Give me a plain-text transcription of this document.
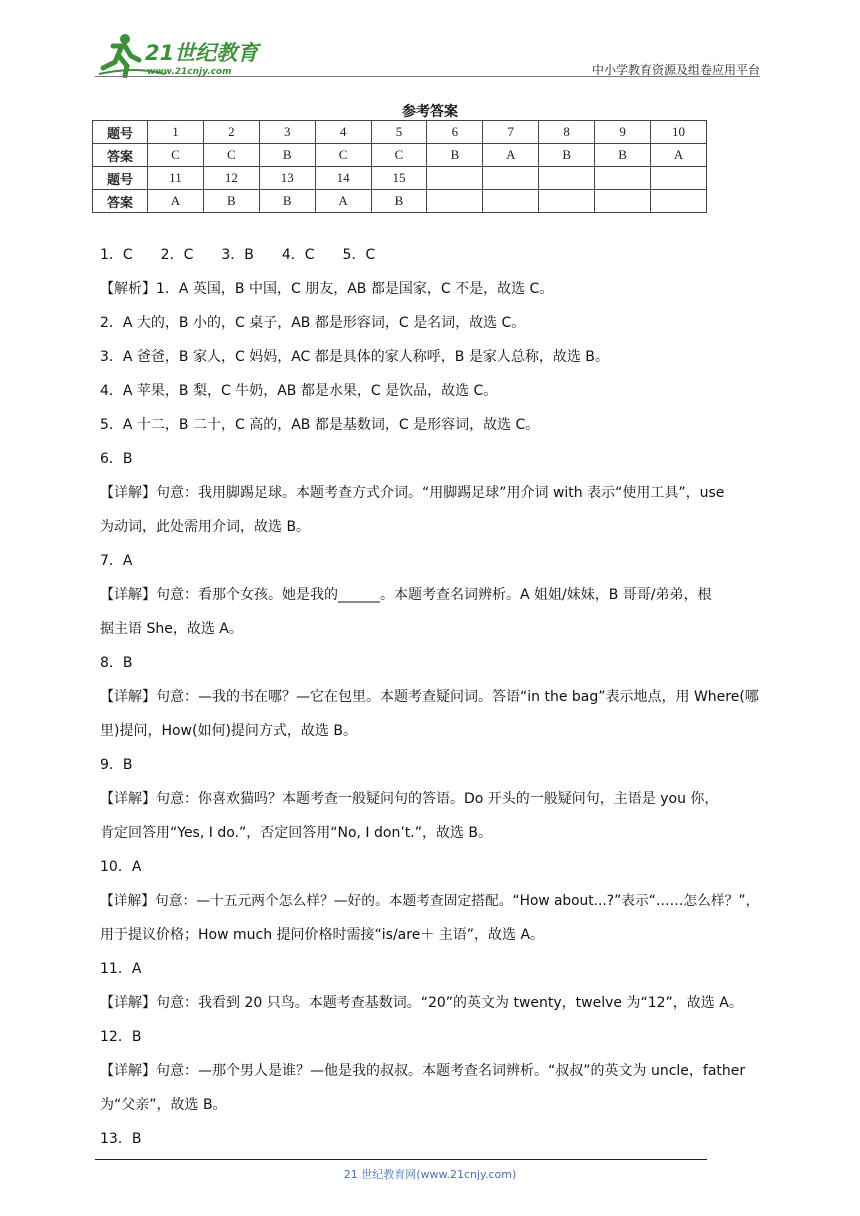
21世纪教育
www.21cnjy.com	中小学教育资源及组卷应用平台
参考答案
题号	1	2	3	4	5	6	7	8	9	10
答案	C	C	B	C	C	B	A	B	B	A
题号	11	12	13	14	15					
答案	A	B	B	A	B					

1．C　　2．C　　3．B　　4．C　　5．C

【解析】1．A 英国，B 中国，C 朋友，AB 都是国家，C 不是，故选 C。

2．A 大的，B 小的，C 桌子，AB 都是形容词，C 是名词，故选 C。

3．A 爸爸，B 家人，C 妈妈，AC 都是具体的家人称呼，B 是家人总称，故选 B。

4．A 苹果，B 梨，C 牛奶，AB 都是水果，C 是饮品，故选 C。

5．A 十二，B 二十，C 高的，AB 都是基数词，C 是形容词，故选 C。

6．B

【详解】句意：我用脚踢足球。本题考查方式介词。“用脚踢足球”用介词 with 表示“使用工具”，use

为动词，此处需用介词，故选 B。

7．A

【详解】句意：看那个女孩。她是我的______。本题考查名词辨析。A 姐姐/妹妹，B 哥哥/弟弟，根

据主语 She，故选 A。

8．B

【详解】句意：—我的书在哪？—它在包里。本题考查疑问词。答语“in the bag”表示地点，用 Where(哪

里)提问，How(如何)提问方式，故选 B。

9．B

【详解】句意：你喜欢猫吗？本题考查一般疑问句的答语。Do 开头的一般疑问句，主语是 you 你，

肯定回答用“Yes, I do.”，否定回答用“No, I don’t.”，故选 B。

10．A

【详解】句意：—十五元两个怎么样？—好的。本题考查固定搭配。“How about...?”表示“……怎么样？”，

用于提议价格；How much 提问价格时需接“is/are＋ 主语”，故选 A。

11．A

【详解】句意：我看到 20 只鸟。本题考查基数词。“20”的英文为 twenty，twelve 为“12”，故选 A。

12．B

【详解】句意：—那个男人是谁？—他是我的叔叔。本题考查名词辨析。“叔叔”的英文为 uncle，father

为“父亲”，故选 B。

13．B

21 世纪教育网(www.21cnjy.com)
